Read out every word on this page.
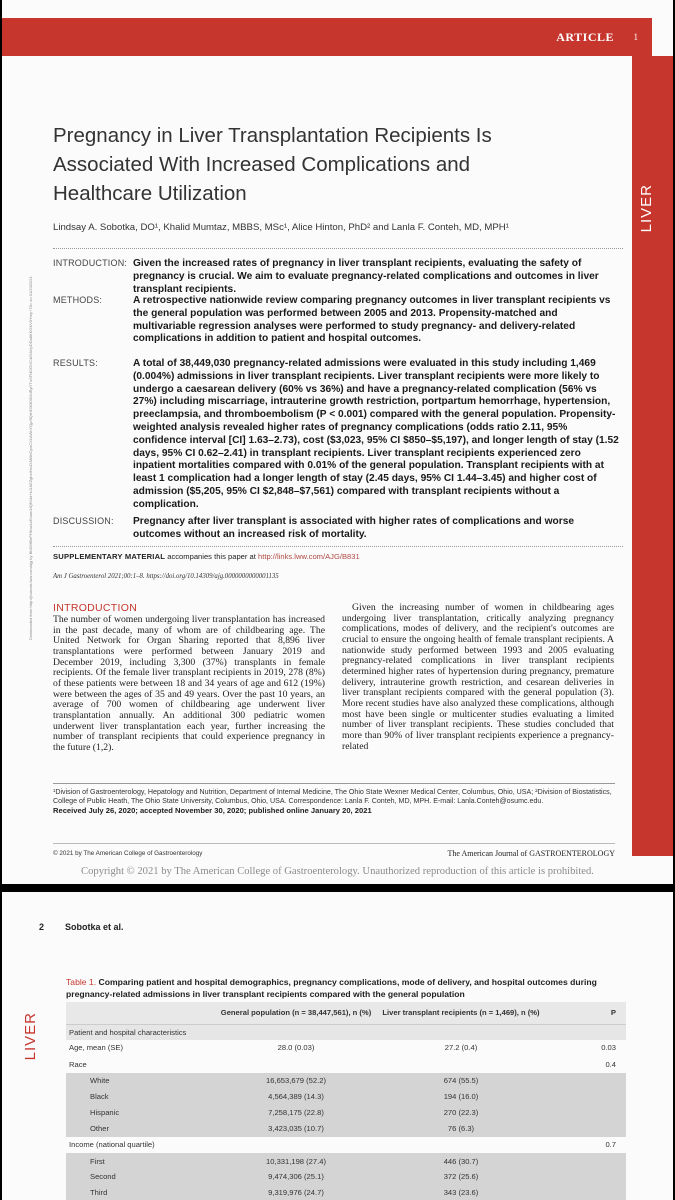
ARTICLE 1
LIVER
Downloaded from http://journals.lww.com/ajg by BhDMf5ePHKav1zEoum1tQfN4a+kJLhEZgbsIHo4XMi0hCywCX1AWnYQp/IlQrHD3i3D0OdRyi7TvSFl4Cf3VC4/OAVpDDa8KKGKV0Ymy+78= on 01/20/2021
Pregnancy in Liver Transplantation Recipients Is Associated With Increased Complications and Healthcare Utilization
Lindsay A. Sobotka, DO¹, Khalid Mumtaz, MBBS, MSc¹, Alice Hinton, PhD² and Lanla F. Conteh, MD, MPH¹
INTRODUCTION: Given the increased rates of pregnancy in liver transplant recipients, evaluating the safety of pregnancy is crucial. We aim to evaluate pregnancy-related complications and outcomes in liver transplant recipients.
METHODS:	A retrospective nationwide review comparing pregnancy outcomes in liver transplant recipients vs the general population was performed between 2005 and 2013. Propensity-matched and multivariable regression analyses were performed to study pregnancy- and delivery-related complications in addition to patient and hospital outcomes.
RESULTS:	A total of 38,449,030 pregnancy-related admissions were evaluated in this study including 1,469 (0.004%) admissions in liver transplant recipients. Liver transplant recipients were more likely to undergo a caesarean delivery (60% vs 36%) and have a pregnancy-related complication (56% vs 27%) including miscarriage, intrauterine growth restriction, portpartum hemorrhage, hypertension, preeclampsia, and thromboembolism (P < 0.001) compared with the general population. Propensity-weighted analysis revealed higher rates of pregnancy complications (odds ratio 2.11, 95% confidence interval [CI] 1.63–2.73), cost ($3,023, 95% CI $850–$5,197), and longer length of stay (1.52 days, 95% CI 0.62–2.41) in transplant recipients. Liver transplant recipients experienced zero inpatient mortalities compared with 0.01% of the general population. Transplant recipients with at least 1 complication had a longer length of stay (2.45 days, 95% CI 1.44–3.45) and higher cost of admission ($5,205, 95% CI $2,848–$7,561) compared with transplant recipients without a complication.
DISCUSSION: Pregnancy after liver transplant is associated with higher rates of complications and worse outcomes without an increased risk of mortality.
SUPPLEMENTARY MATERIAL accompanies this paper at http://links.lww.com/AJG/B831
Am J Gastroenterol 2021;00:1–8. https://doi.org/10.14309/ajg.0000000000001135
INTRODUCTION
The number of women undergoing liver transplantation has increased in the past decade, many of whom are of childbearing age. The United Network for Organ Sharing reported that 8,896 liver transplantations were performed between January 2019 and December 2019, including 3,300 (37%) transplants in female recipients. Of the female liver transplant recipients in 2019, 278 (8%) of these patients were between 18 and 34 years of age and 612 (19%) were between the ages of 35 and 49 years. Over the past 10 years, an average of 700 women of childbearing age underwent liver transplantation annually. An additional 300 pediatric women underwent liver transplantation each year, further increasing the number of transplant recipients that could experience pregnancy in the future (1,2).
Given the increasing number of women in childbearing ages undergoing liver transplantation, critically analyzing pregnancy complications, modes of delivery, and the recipient's outcomes are crucial to ensure the ongoing health of female transplant recipients. A nationwide study performed between 1993 and 2005 evaluating pregnancy-related complications in liver transplant recipients determined higher rates of hypertension during pregnancy, premature delivery, intrauterine growth restriction, and cesarean deliveries in liver transplant recipients compared with the general population (3). More recent studies have also analyzed these complications, although most have been single or multicenter studies evaluating a limited number of liver transplant recipients. These studies concluded that more than 90% of liver transplant recipients experience a pregnancy-related
¹Division of Gastroenterology, Hepatology and Nutrition, Department of Internal Medicine, The Ohio State Wexner Medical Center, Columbus, Ohio, USA; ²Division of Biostatistics, College of Public Heath, The Ohio State University, Columbus, Ohio, USA. Correspondence: Lanla F. Conteh, MD, MPH. E-mail: Lanla.Conteh@osumc.edu.
Received July 26, 2020; accepted November 30, 2020; published online January 20, 2021
© 2021 by The American College of Gastroenterology	The American Journal of GASTROENTEROLOGY
Copyright © 2021 by The American College of Gastroenterology. Unauthorized reproduction of this article is prohibited.
2 Sobotka et al.
LIVER
Table 1. Comparing patient and hospital demographics, pregnancy complications, mode of delivery, and hospital outcomes during pregnancy-related admissions in liver transplant recipients compared with the general population
	General population (n = 38,447,561), n (%)	Liver transplant recipients (n = 1,469), n (%)	P
Patient and hospital characteristics			
Age, mean (SE)	28.0 (0.03)	27.2 (0.4)	0.03
Race			0.4
White	16,653,679 (52.2)	674 (55.5)	
Black	4,564,389 (14.3)	194 (16.0)	
Hispanic	7,258,175 (22.8)	270 (22.3)	
Other	3,423,035 (10.7)	76 (6.3)	
Income (national quartile)			0.7
First	10,331,198 (27.4)	446 (30.7)	
Second	9,474,306 (25.1)	372 (25.6)	
Third	9,319,976 (24.7)	343 (23.6)	
